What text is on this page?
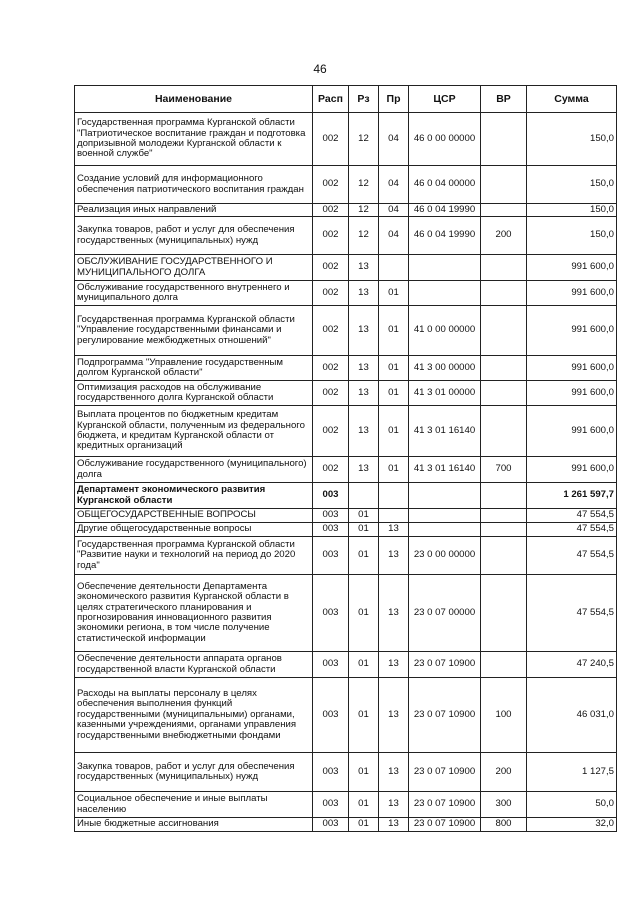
46
Наименование	Расп	Рз	Пр	ЦСР	ВР	Сумма
Государственная программа Курганской области "Патриотическое воспитание граждан и подготовка допризывной молодежи Курганской области к военной службе"	002	12	04	46 0 00 00000		150,0
Создание условий для информационного обеспечения патриотического воспитания граждан	002	12	04	46 0 04 00000		150,0
Реализация иных направлений	002	12	04	46 0 04 19990		150,0
Закупка товаров, работ и услуг для обеспечения государственных (муниципальных) нужд	002	12	04	46 0 04 19990	200	150,0
ОБСЛУЖИВАНИЕ ГОСУДАРСТВЕННОГО И МУНИЦИПАЛЬНОГО ДОЛГА	002	13				991 600,0
Обслуживание государственного внутреннего и муниципального долга	002	13	01			991 600,0
Государственная программа Курганской области "Управление государственными финансами и регулирование межбюджетных отношений"	002	13	01	41 0 00 00000		991 600,0
Подпрограмма "Управление государственным долгом Курганской области"	002	13	01	41 3 00 00000		991 600,0
Оптимизация расходов на обслуживание государственного долга Курганской области	002	13	01	41 3 01 00000		991 600,0
Выплата процентов по бюджетным кредитам Курганской области, полученным из федерального бюджета, и кредитам Курганской области от кредитных организаций	002	13	01	41 3 01 16140		991 600,0
Обслуживание государственного (муниципального) долга	002	13	01	41 3 01 16140	700	991 600,0
Департамент экономического развития Курганской области	003					1 261 597,7
ОБЩЕГОСУДАРСТВЕННЫЕ ВОПРОСЫ	003	01				47 554,5
Другие общегосударственные вопросы	003	01	13			47 554,5
Государственная программа Курганской области "Развитие науки и технологий на период до 2020 года"	003	01	13	23 0 00 00000		47 554,5
Обеспечение деятельности Департамента экономического развития Курганской области в целях стратегического планирования и прогнозирования инновационного развития экономики региона, в том числе получение статистической информации	003	01	13	23 0 07 00000		47 554,5
Обеспечение деятельности аппарата органов государственной власти Курганской области	003	01	13	23 0 07 10900		47 240,5
Расходы на выплаты персоналу в целях обеспечения выполнения функций государственными (муниципальными) органами, казенными учреждениями, органами управления государственными внебюджетными фондами	003	01	13	23 0 07 10900	100	46 031,0
Закупка товаров, работ и услуг для обеспечения государственных (муниципальных) нужд	003	01	13	23 0 07 10900	200	1 127,5
Социальное обеспечение и иные выплаты населению	003	01	13	23 0 07 10900	300	50,0
Иные бюджетные ассигнования	003	01	13	23 0 07 10900	800	32,0
